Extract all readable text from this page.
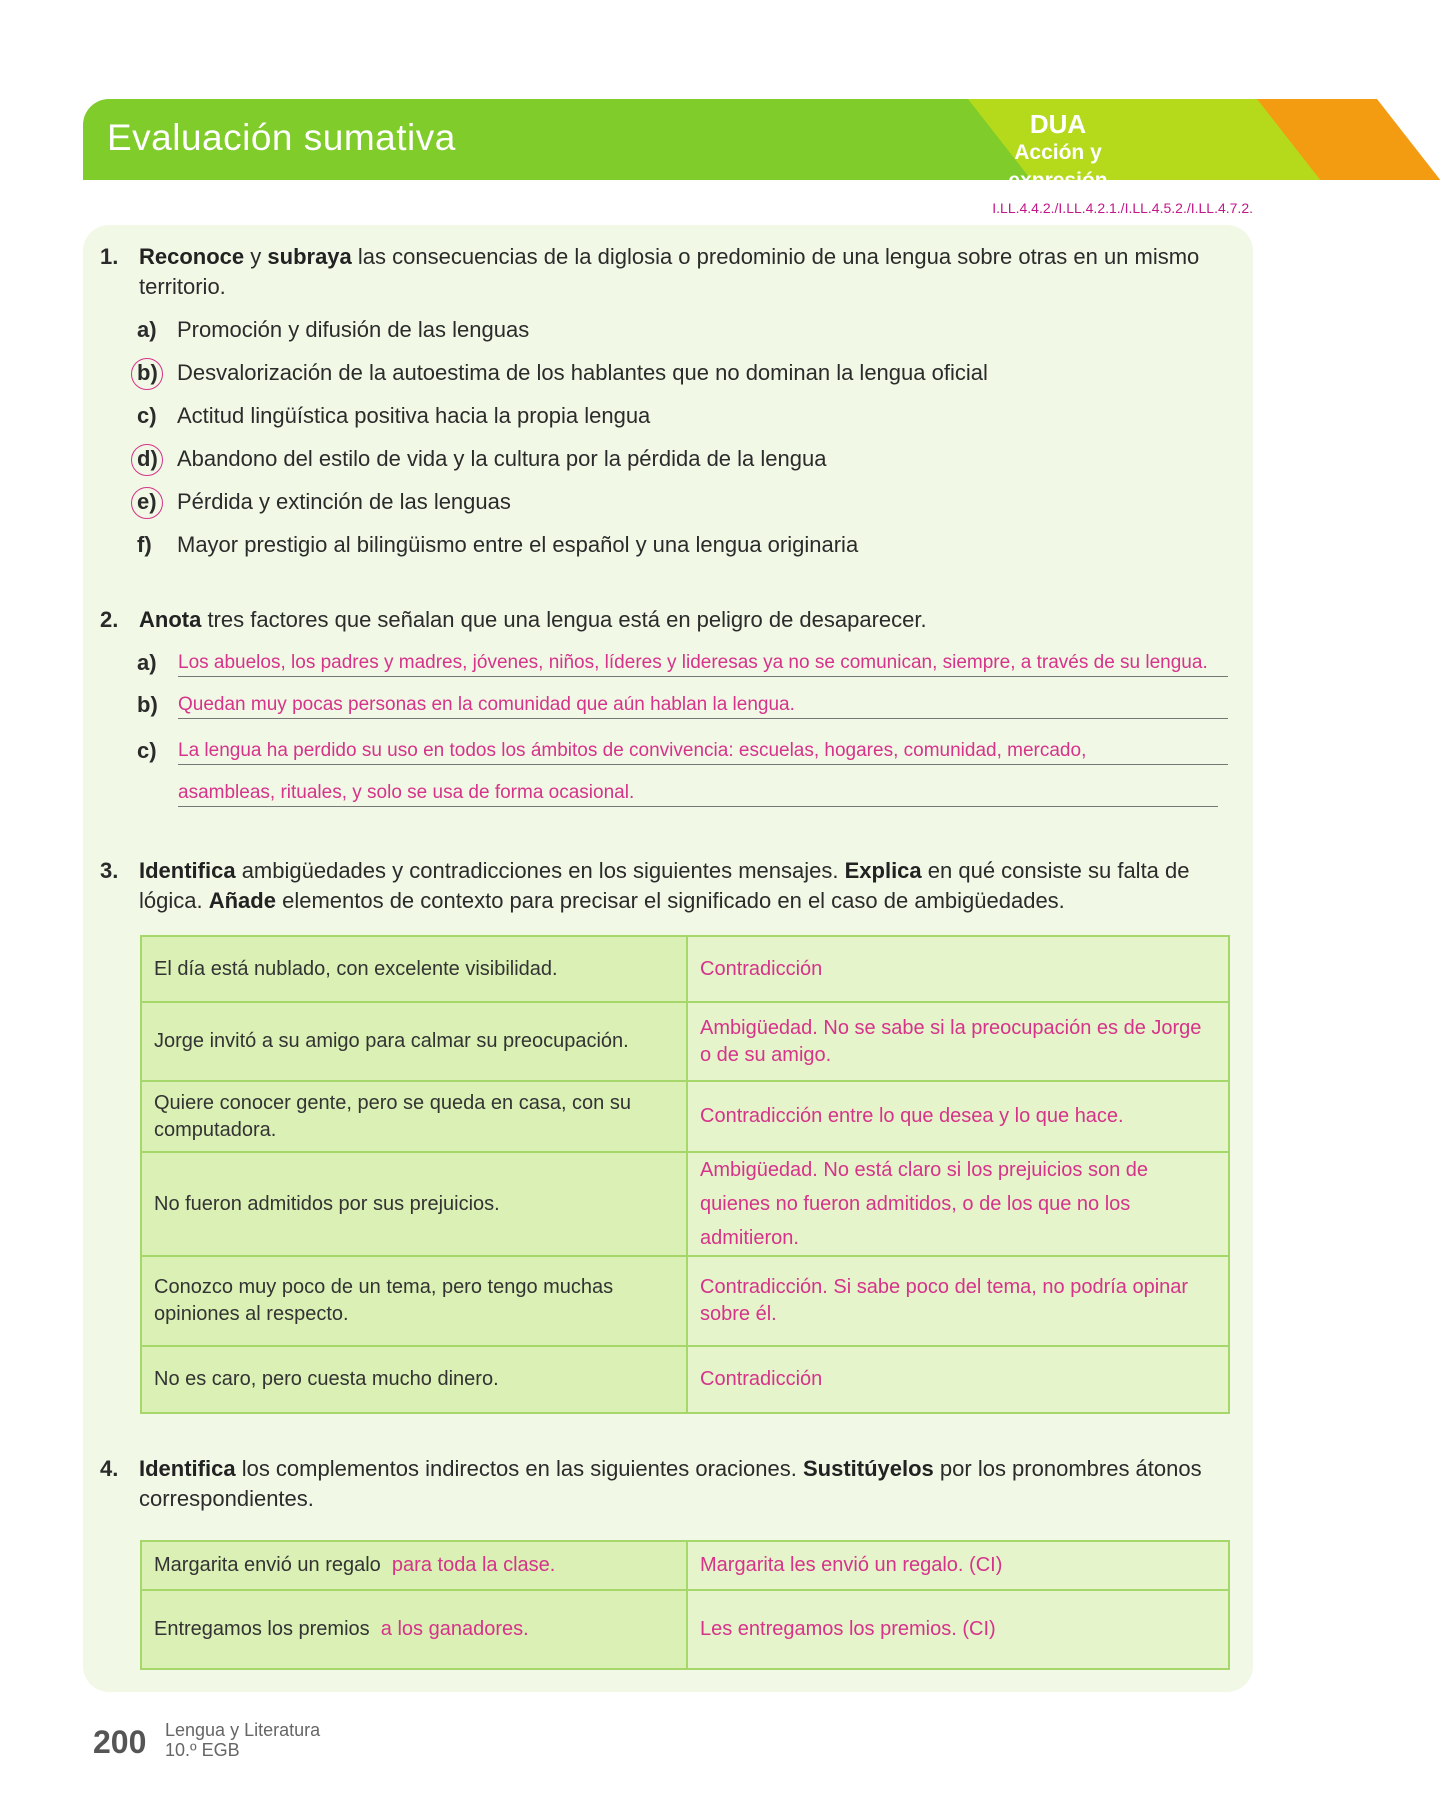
Evaluación sumativa	DUA
Acción y expresión
I.LL.4.4.2./I.LL.4.2.1./I.LL.4.5.2./I.LL.4.7.2.
1. Reconoce y subraya las consecuencias de la diglosia o predominio de una lengua sobre otras en un mismo territorio.
a) Promoción y difusión de las lenguas
b) Desvalorización de la autoestima de los hablantes que no dominan la lengua oficial
c) Actitud lingüística positiva hacia la propia lengua
d) Abandono del estilo de vida y la cultura por la pérdida de la lengua
e) Pérdida y extinción de las lenguas
f) Mayor prestigio al bilingüismo entre el español y una lengua originaria
2. Anota tres factores que señalan que una lengua está en peligro de desaparecer.
a) Los abuelos, los padres y madres, jóvenes, niños, líderes y lideresas ya no se comunican, siempre, a través de su lengua.
b) Quedan muy pocas personas en la comunidad que aún hablan la lengua.
c) La lengua ha perdido su uso en todos los ámbitos de convivencia: escuelas, hogares, comunidad, mercado,
asambleas, rituales, y solo se usa de forma ocasional.
3. Identifica ambigüedades y contradicciones en los siguientes mensajes. Explica en qué consiste su falta de lógica. Añade elementos de contexto para precisar el significado en el caso de ambigüedades.
El día está nublado, con excelente visibilidad.	Contradicción
Jorge invitó a su amigo para calmar su preocupación.	Ambigüedad. No se sabe si la preocupación es de Jorge o de su amigo.
Quiere conocer gente, pero se queda en casa, con su computadora.	Contradicción entre lo que desea y lo que hace.
No fueron admitidos por sus prejuicios.	Ambigüedad. No está claro si los prejuicios son de quienes no fueron admitidos, o de los que no los admitieron.
Conozco muy poco de un tema, pero tengo muchas opiniones al respecto.	Contradicción. Si sabe poco del tema, no podría opinar sobre él.
No es caro, pero cuesta mucho dinero.	Contradicción
4. Identifica los complementos indirectos en las siguientes oraciones. Sustitúyelos por los pronombres átonos correspondientes.
Margarita envió un regalo para toda la clase.	Margarita les envió un regalo. (CI)
Entregamos los premios a los ganadores.	Les entregamos los premios. (CI)
200 Lengua y Literatura
10.º EGB
